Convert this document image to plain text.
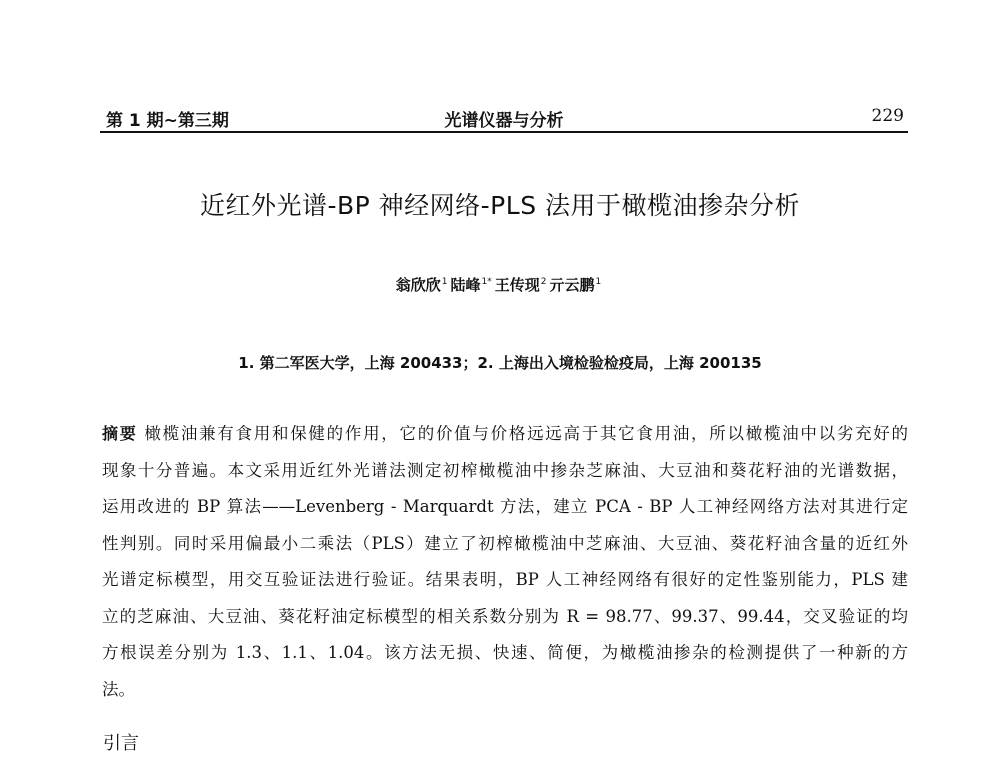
第 1 期~第三期	光谱仪器与分析	229
近红外光谱-BP 神经网络-PLS 法用于橄榄油掺杂分析
翁欣欣$^1$ 陆峰$^{1*}$ 王传现$^2$ 亓云鹏$^1$
1. 第二军医大学，上海 200433；2. 上海出入境检验检疫局，上海 200135
摘要 橄榄油兼有食用和保健的作用，它的价值与价格远远高于其它食用油，所以橄榄油中以劣充好的
现象十分普遍。本文采用近红外光谱法测定初榨橄榄油中掺杂芝麻油、大豆油和葵花籽油的光谱数据，
运用改进的 BP 算法——Levenberg - Marquardt 方法，建立 PCA - BP 人工神经网络方法对其进行定
性判别。同时采用偏最小二乘法（PLS）建立了初榨橄榄油中芝麻油、大豆油、葵花籽油含量的近红外
光谱定标模型，用交互验证法进行验证。结果表明，BP 人工神经网络有很好的定性鉴别能力，PLS 建
立的芝麻油、大豆油、葵花籽油定标模型的相关系数分别为 R = 98.77、99.37、99.44，交叉验证的均
方根误差分别为 1.3、1.1、1.04。该方法无损、快速、简便，为橄榄油掺杂的检测提供了一种新的方
法。
引言
